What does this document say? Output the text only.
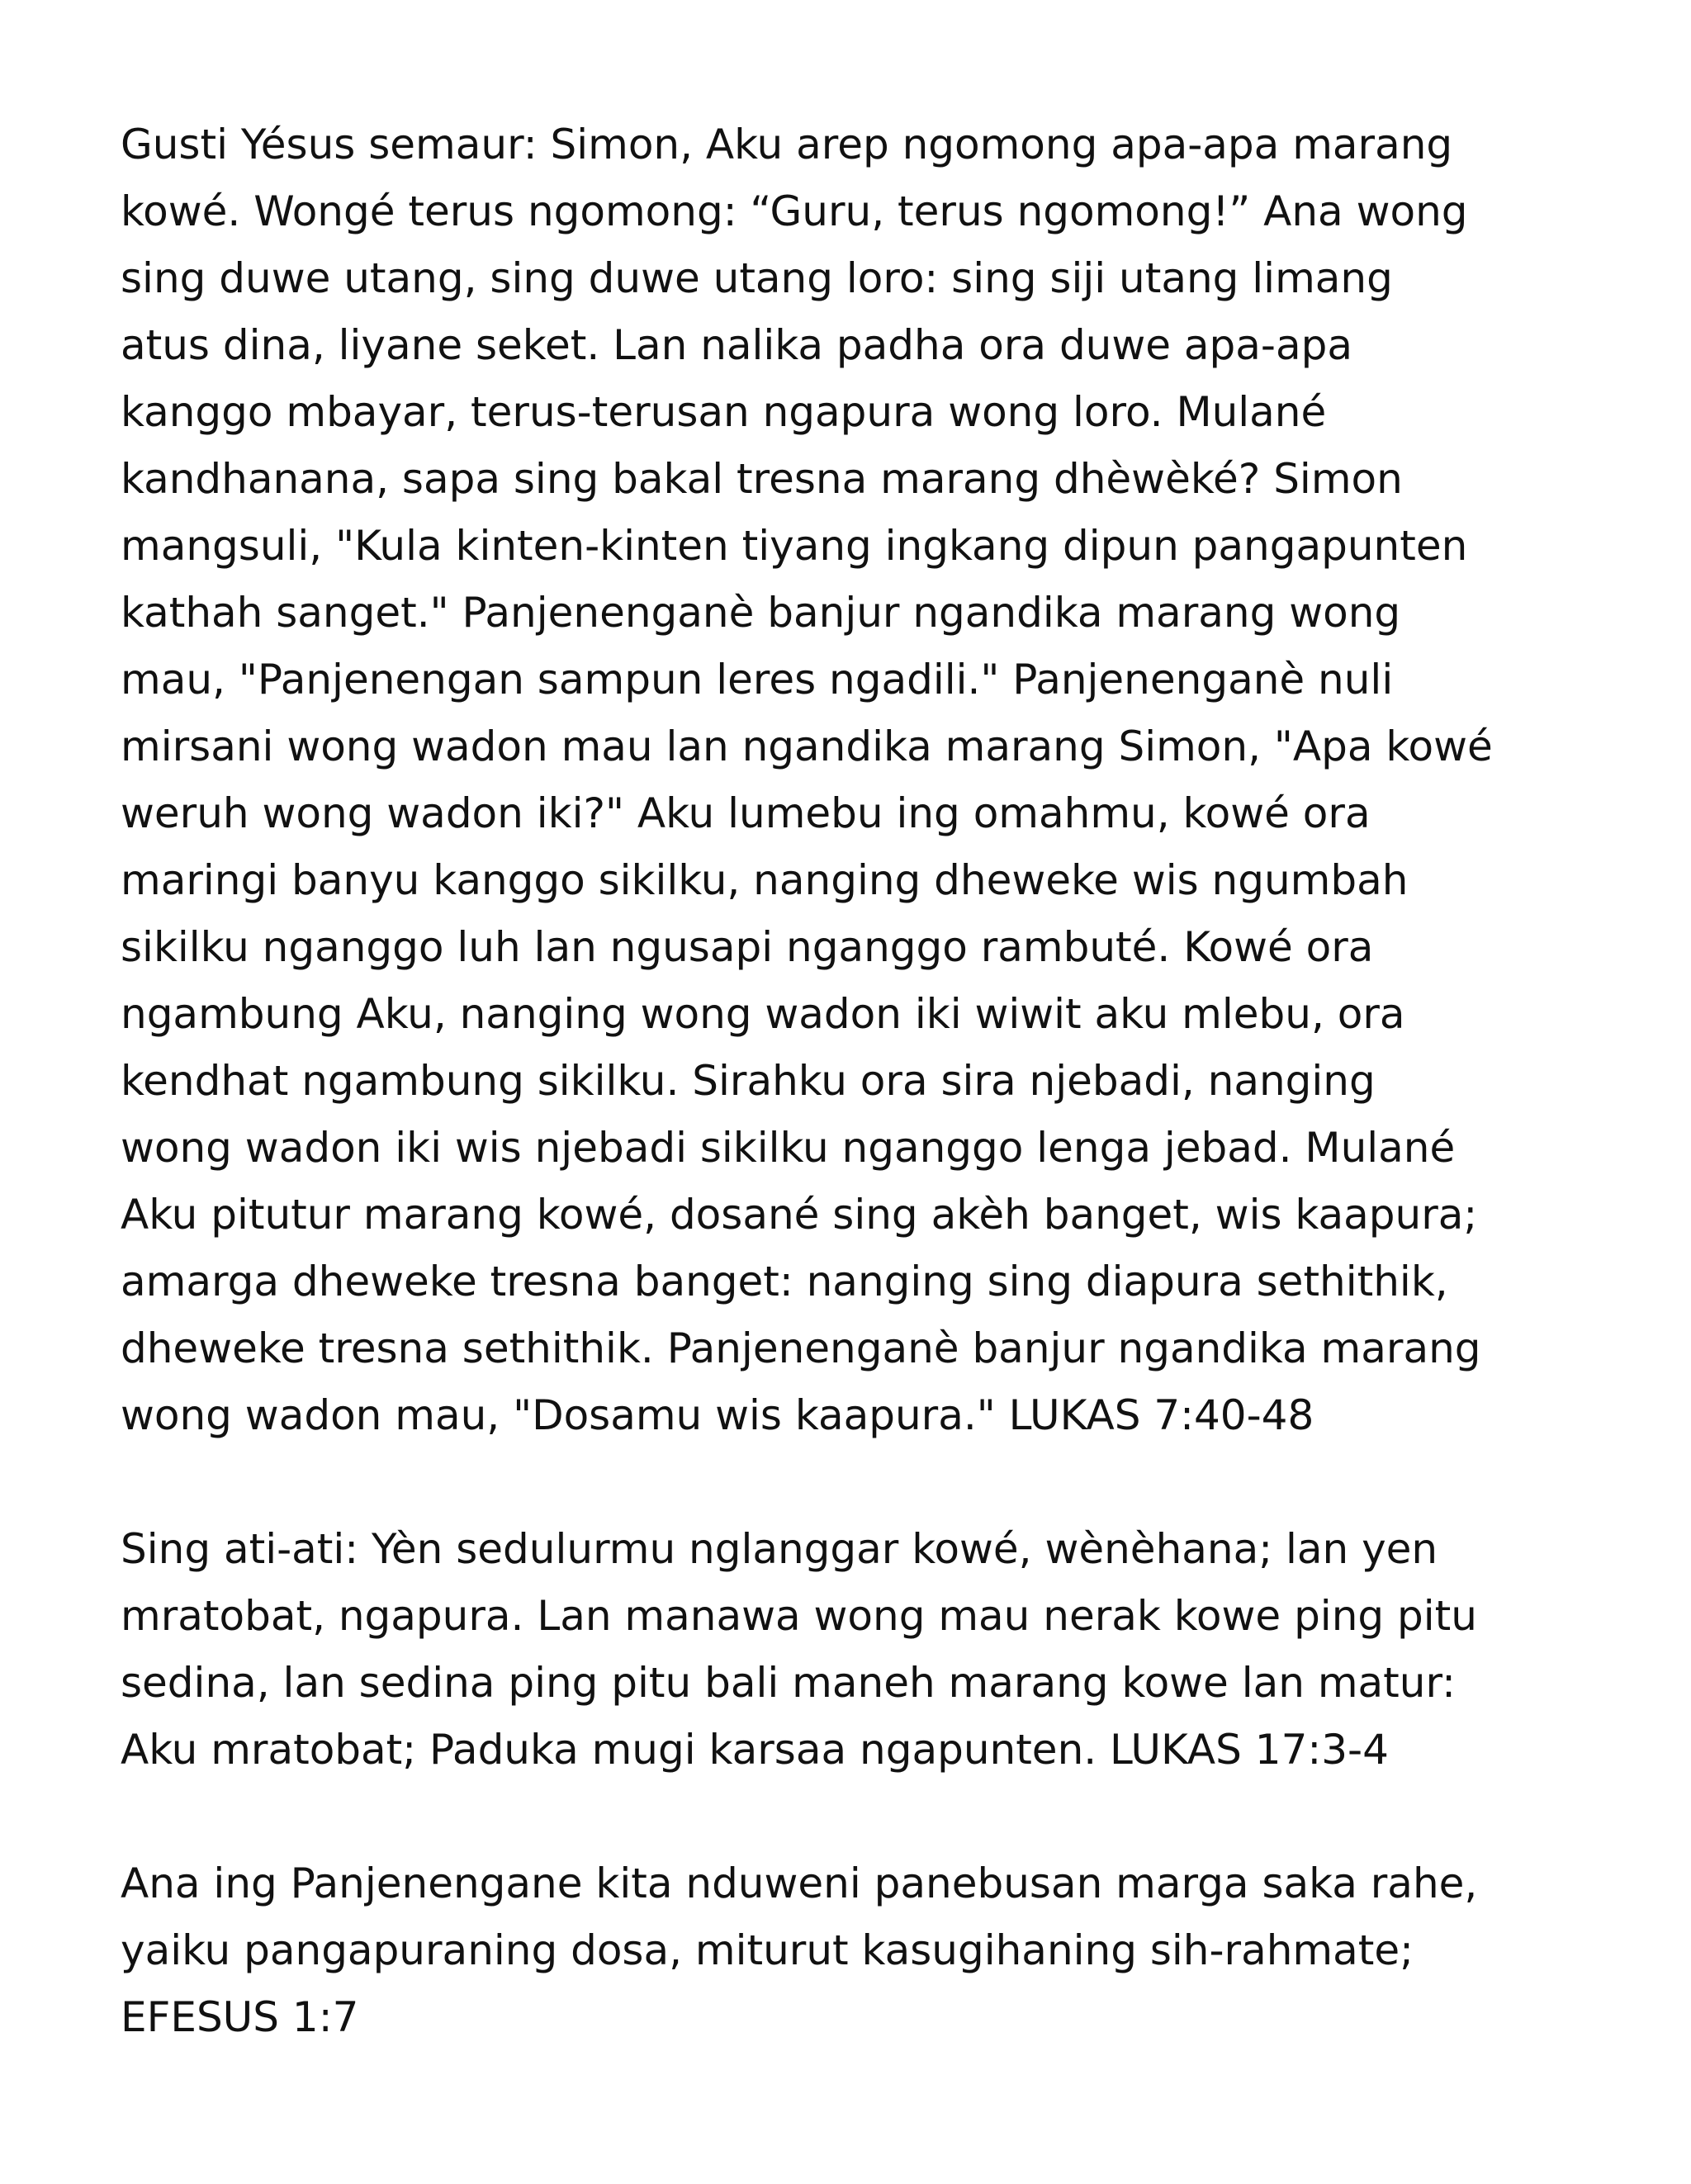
Gusti Yésus semaur: Simon, Aku arep ngomong apa-apa marang
kowé. Wongé terus ngomong: “Guru, terus ngomong!” Ana wong
sing duwe utang, sing duwe utang loro: sing siji utang limang
atus dina, liyane seket. Lan nalika padha ora duwe apa-apa
kanggo mbayar, terus-terusan ngapura wong loro. Mulané
kandhanana, sapa sing bakal tresna marang dhèwèké? Simon
mangsuli, "Kula kinten-kinten tiyang ingkang dipun pangapunten
kathah sanget." Panjenenganè banjur ngandika marang wong
mau, "Panjenengan sampun leres ngadili." Panjenenganè nuli
mirsani wong wadon mau lan ngandika marang Simon, "Apa kowé
weruh wong wadon iki?" Aku lumebu ing omahmu, kowé ora
maringi banyu kanggo sikilku, nanging dheweke wis ngumbah
sikilku nganggo luh lan ngusapi nganggo rambuté. Kowé ora
ngambung Aku, nanging wong wadon iki wiwit aku mlebu, ora
kendhat ngambung sikilku. Sirahku ora sira njebadi, nanging
wong wadon iki wis njebadi sikilku nganggo lenga jebad. Mulané
Aku pitutur marang kowé, dosané sing akèh banget, wis kaapura;
amarga dheweke tresna banget: nanging sing diapura sethithik,
dheweke tresna sethithik. Panjenenganè banjur ngandika marang
wong wadon mau, "Dosamu wis kaapura." LUKAS 7:40-48

Sing ati-ati: Yèn sedulurmu nglanggar kowé, wènèhana; lan yen
mratobat, ngapura. Lan manawa wong mau nerak kowe ping pitu
sedina, lan sedina ping pitu bali maneh marang kowe lan matur:
Aku mratobat; Paduka mugi karsaa ngapunten. LUKAS 17:3-4

Ana ing Panjenengane kita nduweni panebusan marga saka rahe,
yaiku pangapuraning dosa, miturut kasugihaning sih-rahmate;
EFESUS 1:7
